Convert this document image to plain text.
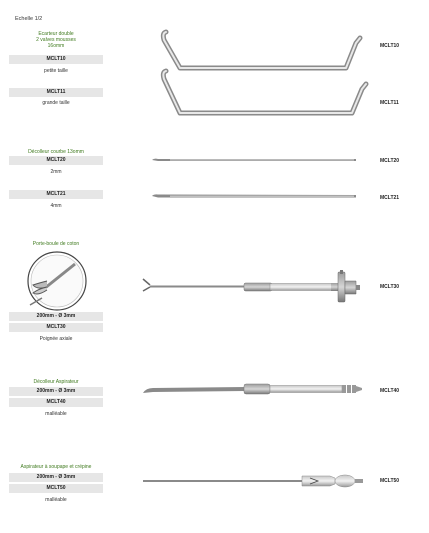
Echelle 1/2
Ecarteur double
2 valves mousses
16omm
MCLT10
petite taille
MCLT11
grande taille
Décolleur courbe 13omm
MCLT20
2mm
MCLT21
4mm
Porte-boule de coton
200mm - Ø 3mm
MCLT30
Poignée axiale
Décolleur Aspirateur
200mm - Ø 3mm
MCLT40
malléable
Aspirateur à soupape et crépine
200mm - Ø 3mm
MCLT50
malléable
MCLT10
MCLT11
MCLT20
MCLT21
MCLT30
MCLT40
MCLT50
